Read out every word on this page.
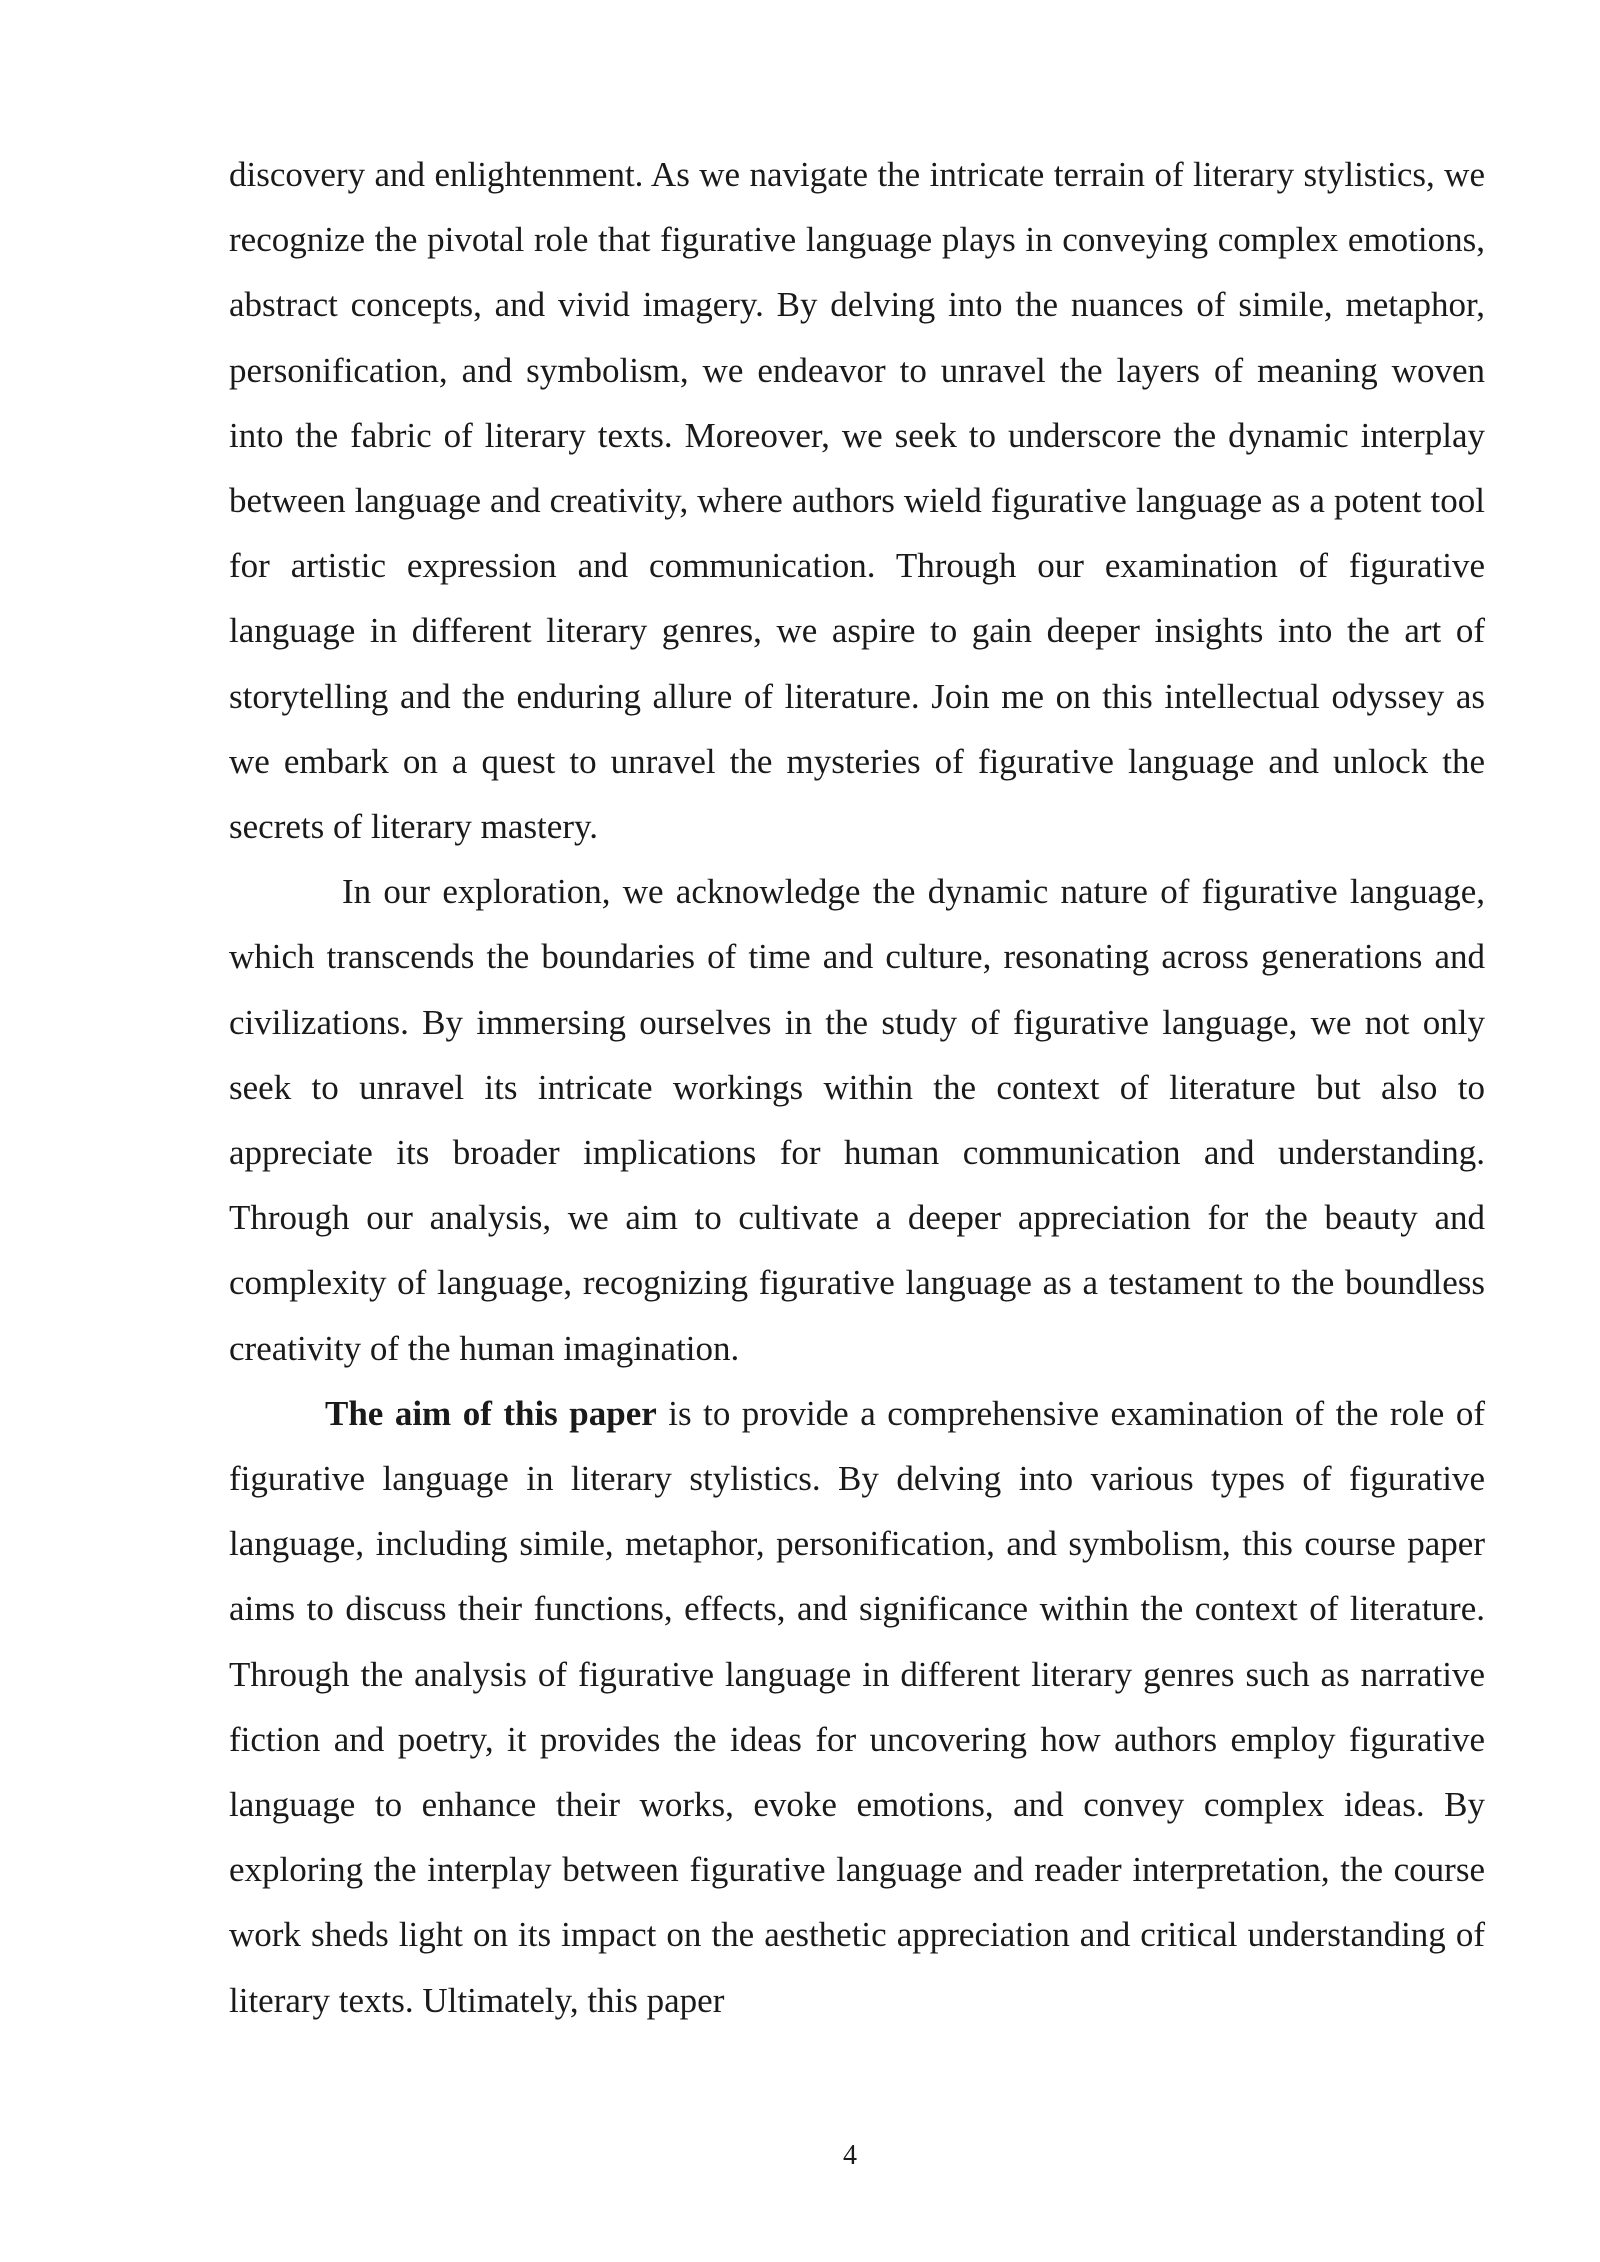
discovery and enlightenment. As we navigate the intricate terrain of literary stylistics, we recognize the pivotal role that figurative language plays in conveying complex emotions, abstract concepts, and vivid imagery. By delving into the nuances of simile, metaphor, personification, and symbolism, we endeavor to unravel the layers of meaning woven into the fabric of literary texts. Moreover, we seek to underscore the dynamic interplay between language and creativity, where authors wield figurative language as a potent tool for artistic expression and communication. Through our examination of figurative language in different literary genres, we aspire to gain deeper insights into the art of storytelling and the enduring allure of literature. Join me on this intellectual odyssey as we embark on a quest to unravel the mysteries of figurative language and unlock the secrets of literary mastery.

In our exploration, we acknowledge the dynamic nature of figurative language, which transcends the boundaries of time and culture, resonating across generations and civilizations. By immersing ourselves in the study of figurative language, we not only seek to unravel its intricate workings within the context of literature but also to appreciate its broader implications for human communication and understanding. Through our analysis, we aim to cultivate a deeper appreciation for the beauty and complexity of language, recognizing figurative language as a testament to the boundless creativity of the human imagination.

The aim of this paper is to provide a comprehensive examination of the role of figurative language in literary stylistics. By delving into various types of figurative language, including simile, metaphor, personification, and symbolism, this course paper aims to discuss their functions, effects, and significance within the context of literature. Through the analysis of figurative language in different literary genres such as narrative fiction and poetry, it provides the ideas for uncovering how authors employ figurative language to enhance their works, evoke emotions, and convey complex ideas. By exploring the interplay between figurative language and reader interpretation, the course work sheds light on its impact on the aesthetic appreciation and critical understanding of literary texts. Ultimately, this paper

4
